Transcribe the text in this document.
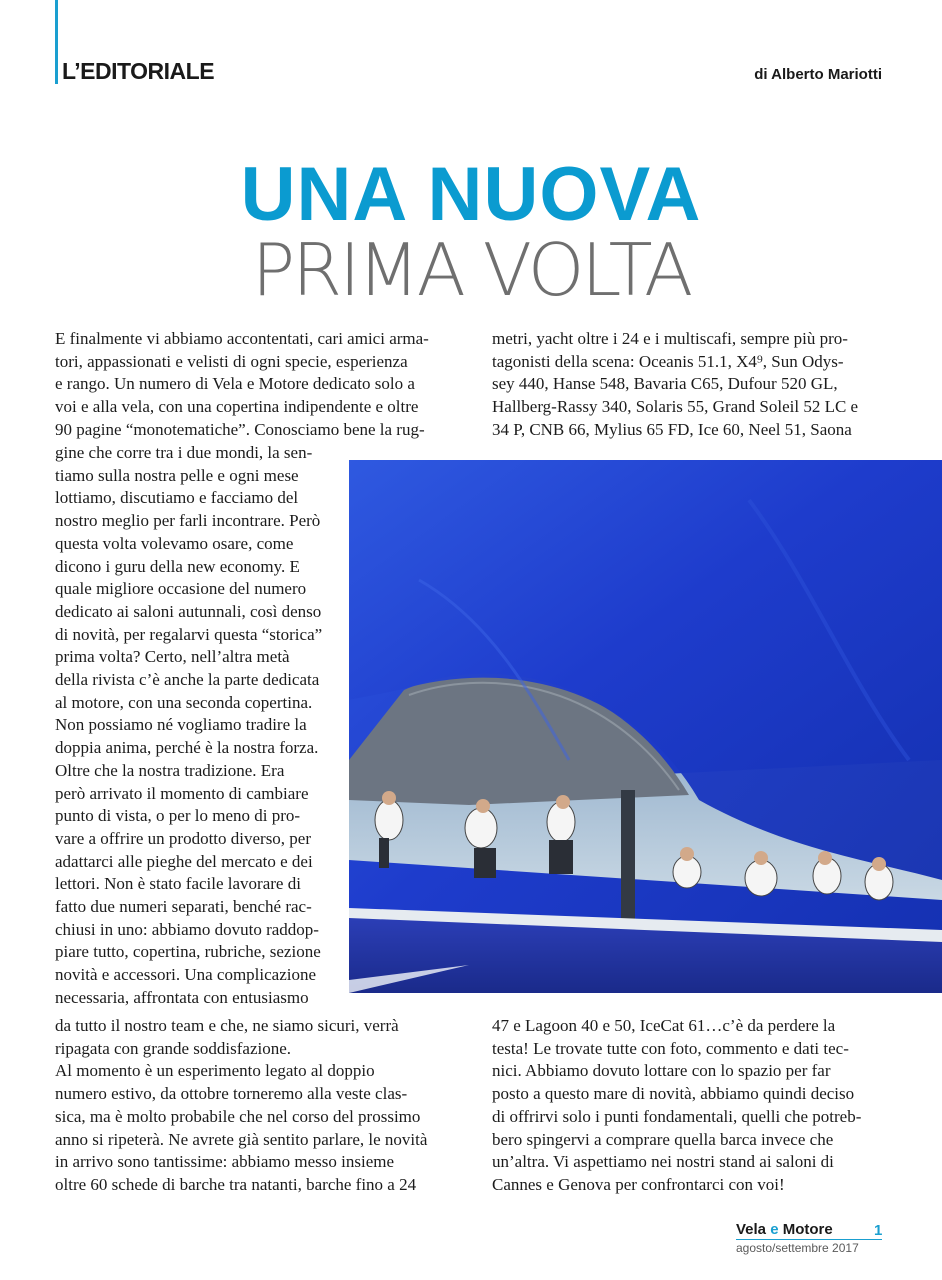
L’EDITORIALE	di Alberto Mariotti
UNA NUOVA
PRIMA VOLTA
E finalmente vi abbiamo accontentati, cari amici arma-
tori, appassionati e velisti di ogni specie, esperienza
e rango. Un numero di Vela e Motore dedicato solo a
voi e alla vela, con una copertina indipendente e oltre
90 pagine “monotematiche”. Conosciamo bene la rug-
gine che corre tra i due mondi, la sen-
tiamo sulla nostra pelle e ogni mese
lottiamo, discutiamo e facciamo del
nostro meglio per farli incontrare. Però
questa volta volevamo osare, come
dicono i guru della new economy. E
quale migliore occasione del numero
dedicato ai saloni autunnali, così denso
di novità, per regalarvi questa “storica”
prima volta? Certo, nell’altra metà
della rivista c’è anche la parte dedicata
al motore, con una seconda copertina.
Non possiamo né vogliamo tradire la
doppia anima, perché è la nostra forza.
Oltre che la nostra tradizione. Era
però arrivato il momento di cambiare
punto di vista, o per lo meno di pro-
vare a offrire un prodotto diverso, per
adattarci alle pieghe del mercato e dei
lettori. Non è stato facile lavorare di
fatto due numeri separati, benché rac-
chiusi in uno: abbiamo dovuto raddop-
piare tutto, copertina, rubriche, sezione
novità e accessori. Una complicazione
necessaria, affrontata con entusiasmo
da tutto il nostro team e che, ne siamo sicuri, verrà
ripagata con grande soddisfazione.
Al momento è un esperimento legato al doppio
numero estivo, da ottobre torneremo alla veste clas-
sica, ma è molto probabile che nel corso del prossimo
anno si ripeterà. Ne avrete già sentito parlare, le novità
in arrivo sono tantissime: abbiamo messo insieme
oltre 60 schede di barche tra natanti, barche fino a 24
metri, yacht oltre i 24 e i multiscafi, sempre più pro-
tagonisti della scena: Oceanis 51.1, X4⁹, Sun Odys-
sey 440, Hanse 548, Bavaria C65, Dufour 520 GL,
Hallberg-Rassy 340, Solaris 55, Grand Soleil 52 LC e
34 P, CNB 66, Mylius 65 FD, Ice 60, Neel 51, Saona
47 e Lagoon 40 e 50, IceCat 61…c’è da perdere la
testa! Le trovate tutte con foto, commento e dati tec-
nici. Abbiamo dovuto lottare con lo spazio per far
posto a questo mare di novità, abbiamo quindi deciso
di offrirvi solo i punti fondamentali, quelli che potreb-
bero spingervi a comprare quella barca invece che
un’altra. Vi aspettiamo nei nostri stand ai saloni di
Cannes e Genova per confrontarci con voi!
Vela e Motore
agosto/settembre 2017
1
